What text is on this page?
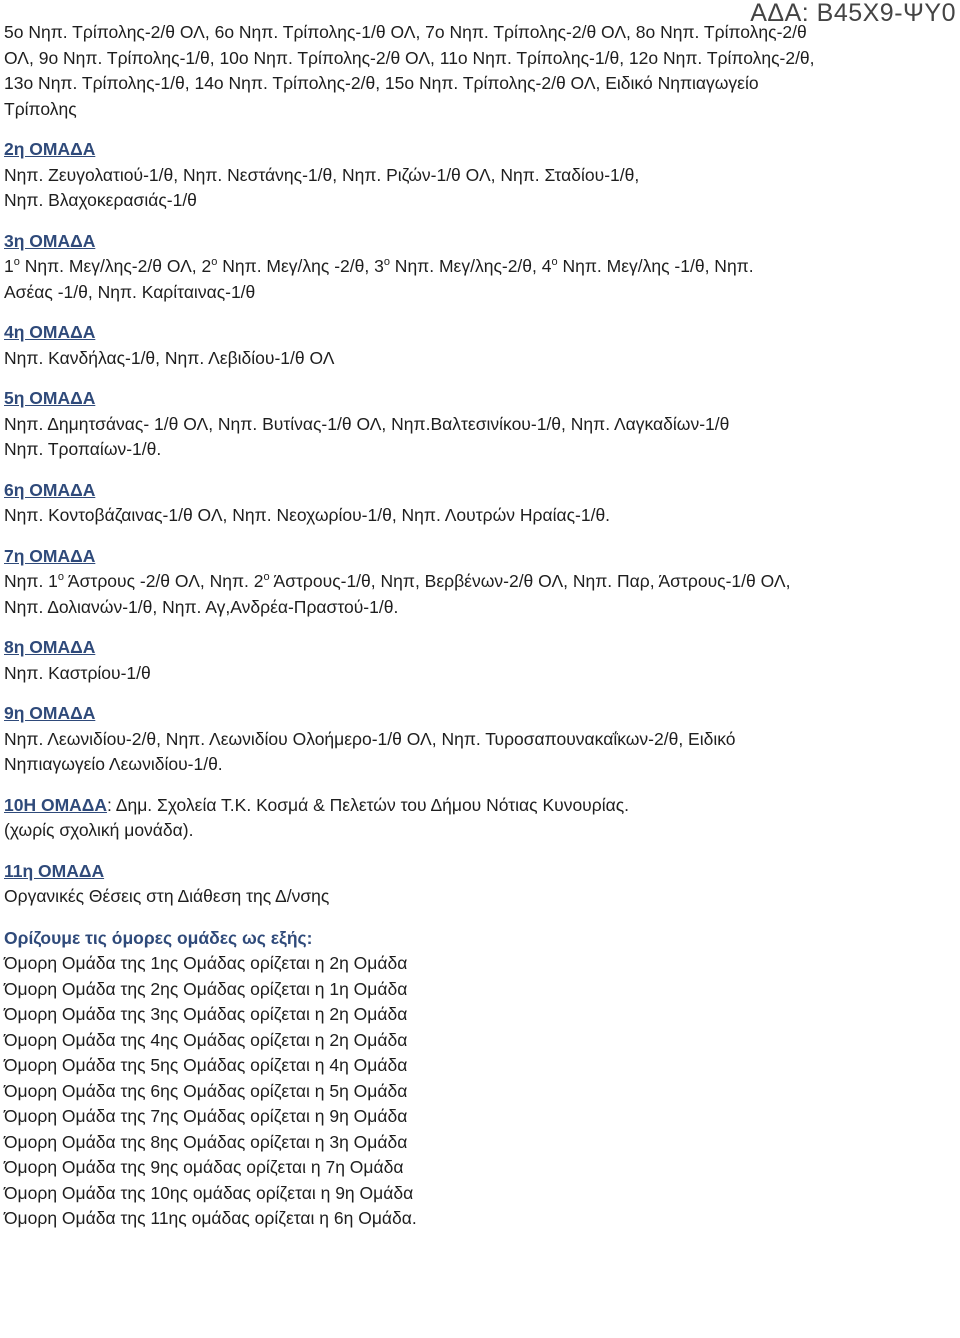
ΑΔΑ: Β45Χ9-ΨΥ0

5ο Νηπ. Τρίπολης-2/θ ΟΛ, 6ο Νηπ. Τρίπολης-1/θ ΟΛ, 7ο Νηπ. Τρίπολης-2/θ ΟΛ, 8ο Νηπ. Τρίπολης-2/θ

ΟΛ, 9ο Νηπ. Τρίπολης-1/θ, 10ο Νηπ. Τρίπολης-2/θ ΟΛ, 11ο Νηπ. Τρίπολης-1/θ, 12ο Νηπ. Τρίπολης-2/θ,

13ο Νηπ. Τρίπολης-1/θ, 14ο Νηπ. Τρίπολης-2/θ, 15ο Νηπ. Τρίπολης-2/θ ΟΛ, Ειδικό Νηπιαγωγείο

Τρίπολης

2η ΟΜΑΔΑ

Νηπ. Ζευγολατιού-1/θ, Νηπ. Νεστάνης-1/θ, Νηπ. Ριζών-1/θ ΟΛ, Νηπ. Σταδίου-1/θ,

Νηπ. Βλαχοκερασιάς-1/θ

3η ΟΜΑΔΑ

$1^o$ Νηπ. Μεγ/λης-2/θ ΟΛ, $2^o$ Νηπ. Μεγ/λης -2/θ, $3^o$ Νηπ. Μεγ/λης-2/θ, $4^o$ Νηπ. Μεγ/λης -1/θ, Νηπ.

Ασέας -1/θ, Νηπ. Καρίταινας-1/θ

4η ΟΜΑΔΑ

Νηπ. Κανδήλας-1/θ, Νηπ. Λεβιδίου-1/θ ΟΛ

5η ΟΜΑΔΑ

Νηπ. Δημητσάνας- 1/θ ΟΛ, Νηπ. Βυτίνας-1/θ ΟΛ, Νηπ.Βαλτεσινίκου-1/θ, Νηπ. Λαγκαδίων-1/θ

Νηπ. Τροπαίων-1/θ.

6η ΟΜΑΔΑ

Νηπ. Κοντοβάζαινας-1/θ ΟΛ, Νηπ. Νεοχωρίου-1/θ, Νηπ. Λουτρών Ηραίας-1/θ.

7η ΟΜΑΔΑ

Νηπ. $1^o$ Άστρους -2/θ ΟΛ, Νηπ. $2^o$ Άστρους-1/θ, Νηπ, Βερβένων-2/θ ΟΛ, Νηπ. Παρ, Άστρους-1/θ ΟΛ,

Νηπ. Δολιανών-1/θ, Νηπ. Αγ,Ανδρέα-Πραστού-1/θ.

8η ΟΜΑΔΑ

Νηπ. Καστρίου-1/θ

9η ΟΜΑΔΑ

Νηπ. Λεωνιδίου-2/θ, Νηπ. Λεωνιδίου Ολοήμερο-1/θ ΟΛ, Νηπ. Τυροσαπουνακαΐκων-2/θ, Ειδικό

Νηπιαγωγείο Λεωνιδίου-1/θ.

10Η ΟΜΑΔΑ: Δημ. Σχολεία Τ.Κ. Κοσμά & Πελετών του Δήμου Νότιας Κυνουρίας.

(χωρίς σχολική μονάδα).

11η ΟΜΑΔΑ

Οργανικές Θέσεις στη Διάθεση της Δ/νσης

Ορίζουμε τις όμορες ομάδες ως εξής:

Όμορη Ομάδα της 1ης Ομάδας ορίζεται η 2η Ομάδα

Όμορη Ομάδα της 2ης Ομάδας ορίζεται η 1η Ομάδα

Όμορη Ομάδα της 3ης Ομάδας ορίζεται η 2η Ομάδα

Όμορη Ομάδα της 4ης Ομάδας ορίζεται η 2η Ομάδα

Όμορη Ομάδα της 5ης Ομάδας ορίζεται η 4η Ομάδα

Όμορη Ομάδα της 6ης Ομάδας ορίζεται η 5η Ομάδα

Όμορη Ομάδα της 7ης Ομάδας ορίζεται η 9η Ομάδα

Όμορη Ομάδα της 8ης Ομάδας ορίζεται η 3η Ομάδα

Όμορη Ομάδα της 9ης ομάδας ορίζεται η 7η Ομάδα

Όμορη Ομάδα της 10ης ομάδας ορίζεται η 9η Ομάδα

Όμορη Ομάδα της 11ης ομάδας ορίζεται η 6η Ομάδα.
